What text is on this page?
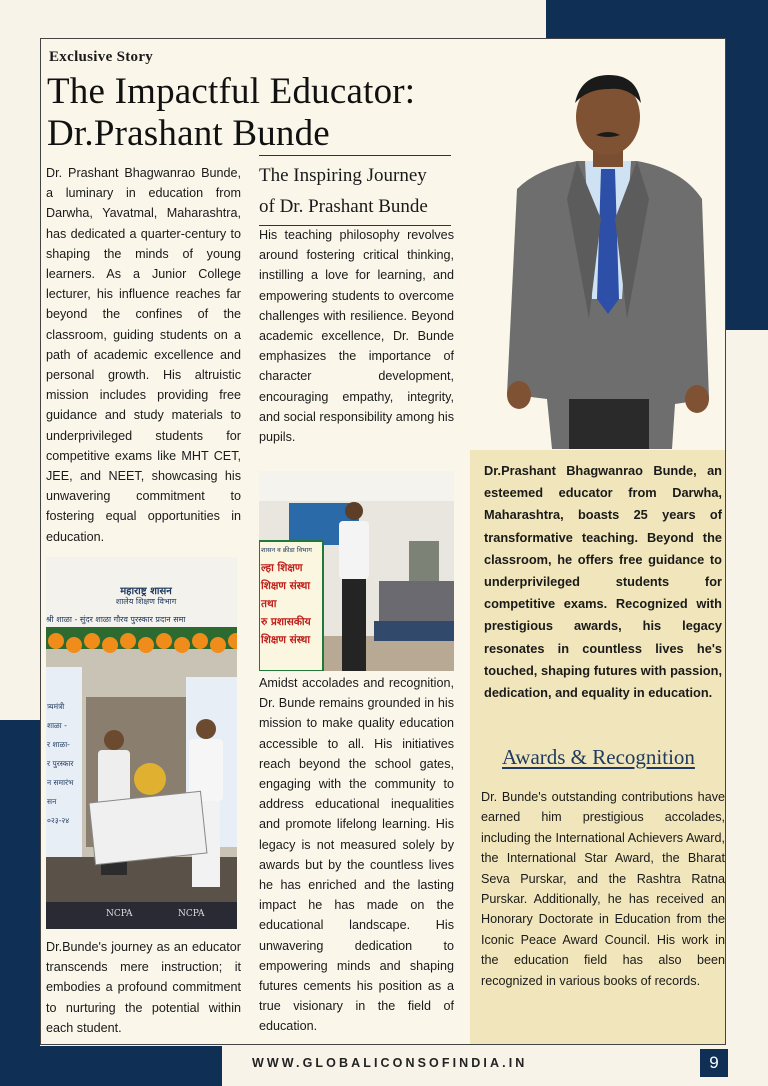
Exclusive Story
The Impactful Educator:
Dr.Prashant Bunde
Dr. Prashant Bhagwanrao Bunde, a luminary in education from Darwha, Yavatmal, Maharashtra, has dedicated a quarter-century to shaping the minds of young learners. As a Junior College lecturer, his influence reaches far beyond the confines of the classroom, guiding students on a path of academic excellence and personal growth. His altruistic mission includes providing free guidance and study materials to underprivileged students for competitive exams like MHT CET, JEE, and NEET, showcasing his unwavering commitment to fostering equal opportunities in education.
The Inspiring Journey
of Dr. Prashant Bunde
His teaching philosophy revolves around fostering critical thinking, instilling a love for learning, and empowering students to overcome challenges with resilience. Beyond academic excellence, Dr. Bunde emphasizes the importance of character development, encouraging empathy, integrity, and social responsibility among his pupils.
महाराष्ट्र शासन
शालेय शिक्षण विभाग
श्री शाळा - सुंदर शाळा गौरव पुरस्कार प्रदान समा
त्र्यमंत्री
शाळा -
र शाळा-
र पुरस्कार
न समारंभ
सन
०२३-२४
NCPA	NCPA
शासन व क्रीडा विभाग
ल्हा शिक्षण
शिक्षण संस्था
तथा
रु प्रशासकीय
शिक्षण संस्था
Amidst accolades and recognition, Dr. Bunde remains grounded in his mission to make quality education accessible to all. His initiatives reach beyond the school gates, engaging with the community to address educational inequalities and promote lifelong learning. His legacy is not measured solely by awards but by the countless lives he has enriched and the lasting impact he has made on the educational landscape. His unwavering dedication to empowering minds and shaping futures cements his position as a true visionary in the field of education.
Dr.Bunde's journey as an educator transcends mere instruction; it embodies a profound commitment to nurturing the potential within each student.
Dr.Prashant Bhagwanrao Bunde, an esteemed educator from Darwha, Maharashtra, boasts 25 years of transformative teaching. Beyond the classroom, he offers free guidance to underprivileged students for competitive exams. Recognized with prestigious awards, his legacy resonates in countless lives he's touched, shaping futures with passion, dedication, and equality in education.
Awards & Recognition
Dr. Bunde's outstanding contributions have earned him prestigious accolades, including the International Achievers Award, the International Star Award, the Bharat Seva Purskar, and the Rashtra Ratna Purskar. Additionally, he has received an Honorary Doctorate in Education from the Iconic Peace Award Council. His work in the education field has also been recognized in various books of records.
WWW.GLOBALICONSOFINDIA.IN	9
